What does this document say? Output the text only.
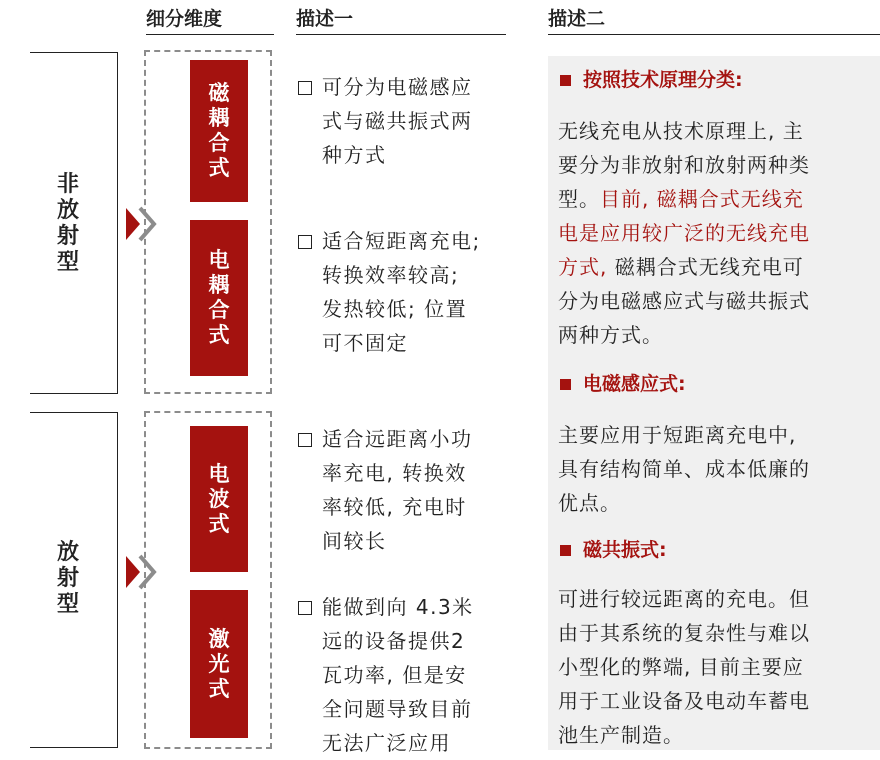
细分维度	描述一	描述二
非
放
射
型
放
射
型
磁
耦
合
式
电
耦
合
式
电
波
式
激
光
式
可分为电磁感应
式与磁共振式两
种方式
适合短距离充电;
转换效率较高;
发热较低; 位置
可不固定
适合远距离小功
率充电, 转换效
率较低, 充电时
间较长
能做到向 4.3米
远的设备提供2
瓦功率, 但是安
全问题导致目前
无法广泛应用
按照技术原理分类:
无线充电从技术原理上, 主
要分为非放射和放射两种类
型。目前, 磁耦合式无线充
电是应用较广泛的无线充电
方式, 磁耦合式无线充电可
分为电磁感应式与磁共振式
两种方式。
电磁感应式:
主要应用于短距离充电中,
具有结构简单、成本低廉的
优点。
磁共振式:
可进行较远距离的充电。但
由于其系统的复杂性与难以
小型化的弊端, 目前主要应
用于工业设备及电动车蓄电
池生产制造。
